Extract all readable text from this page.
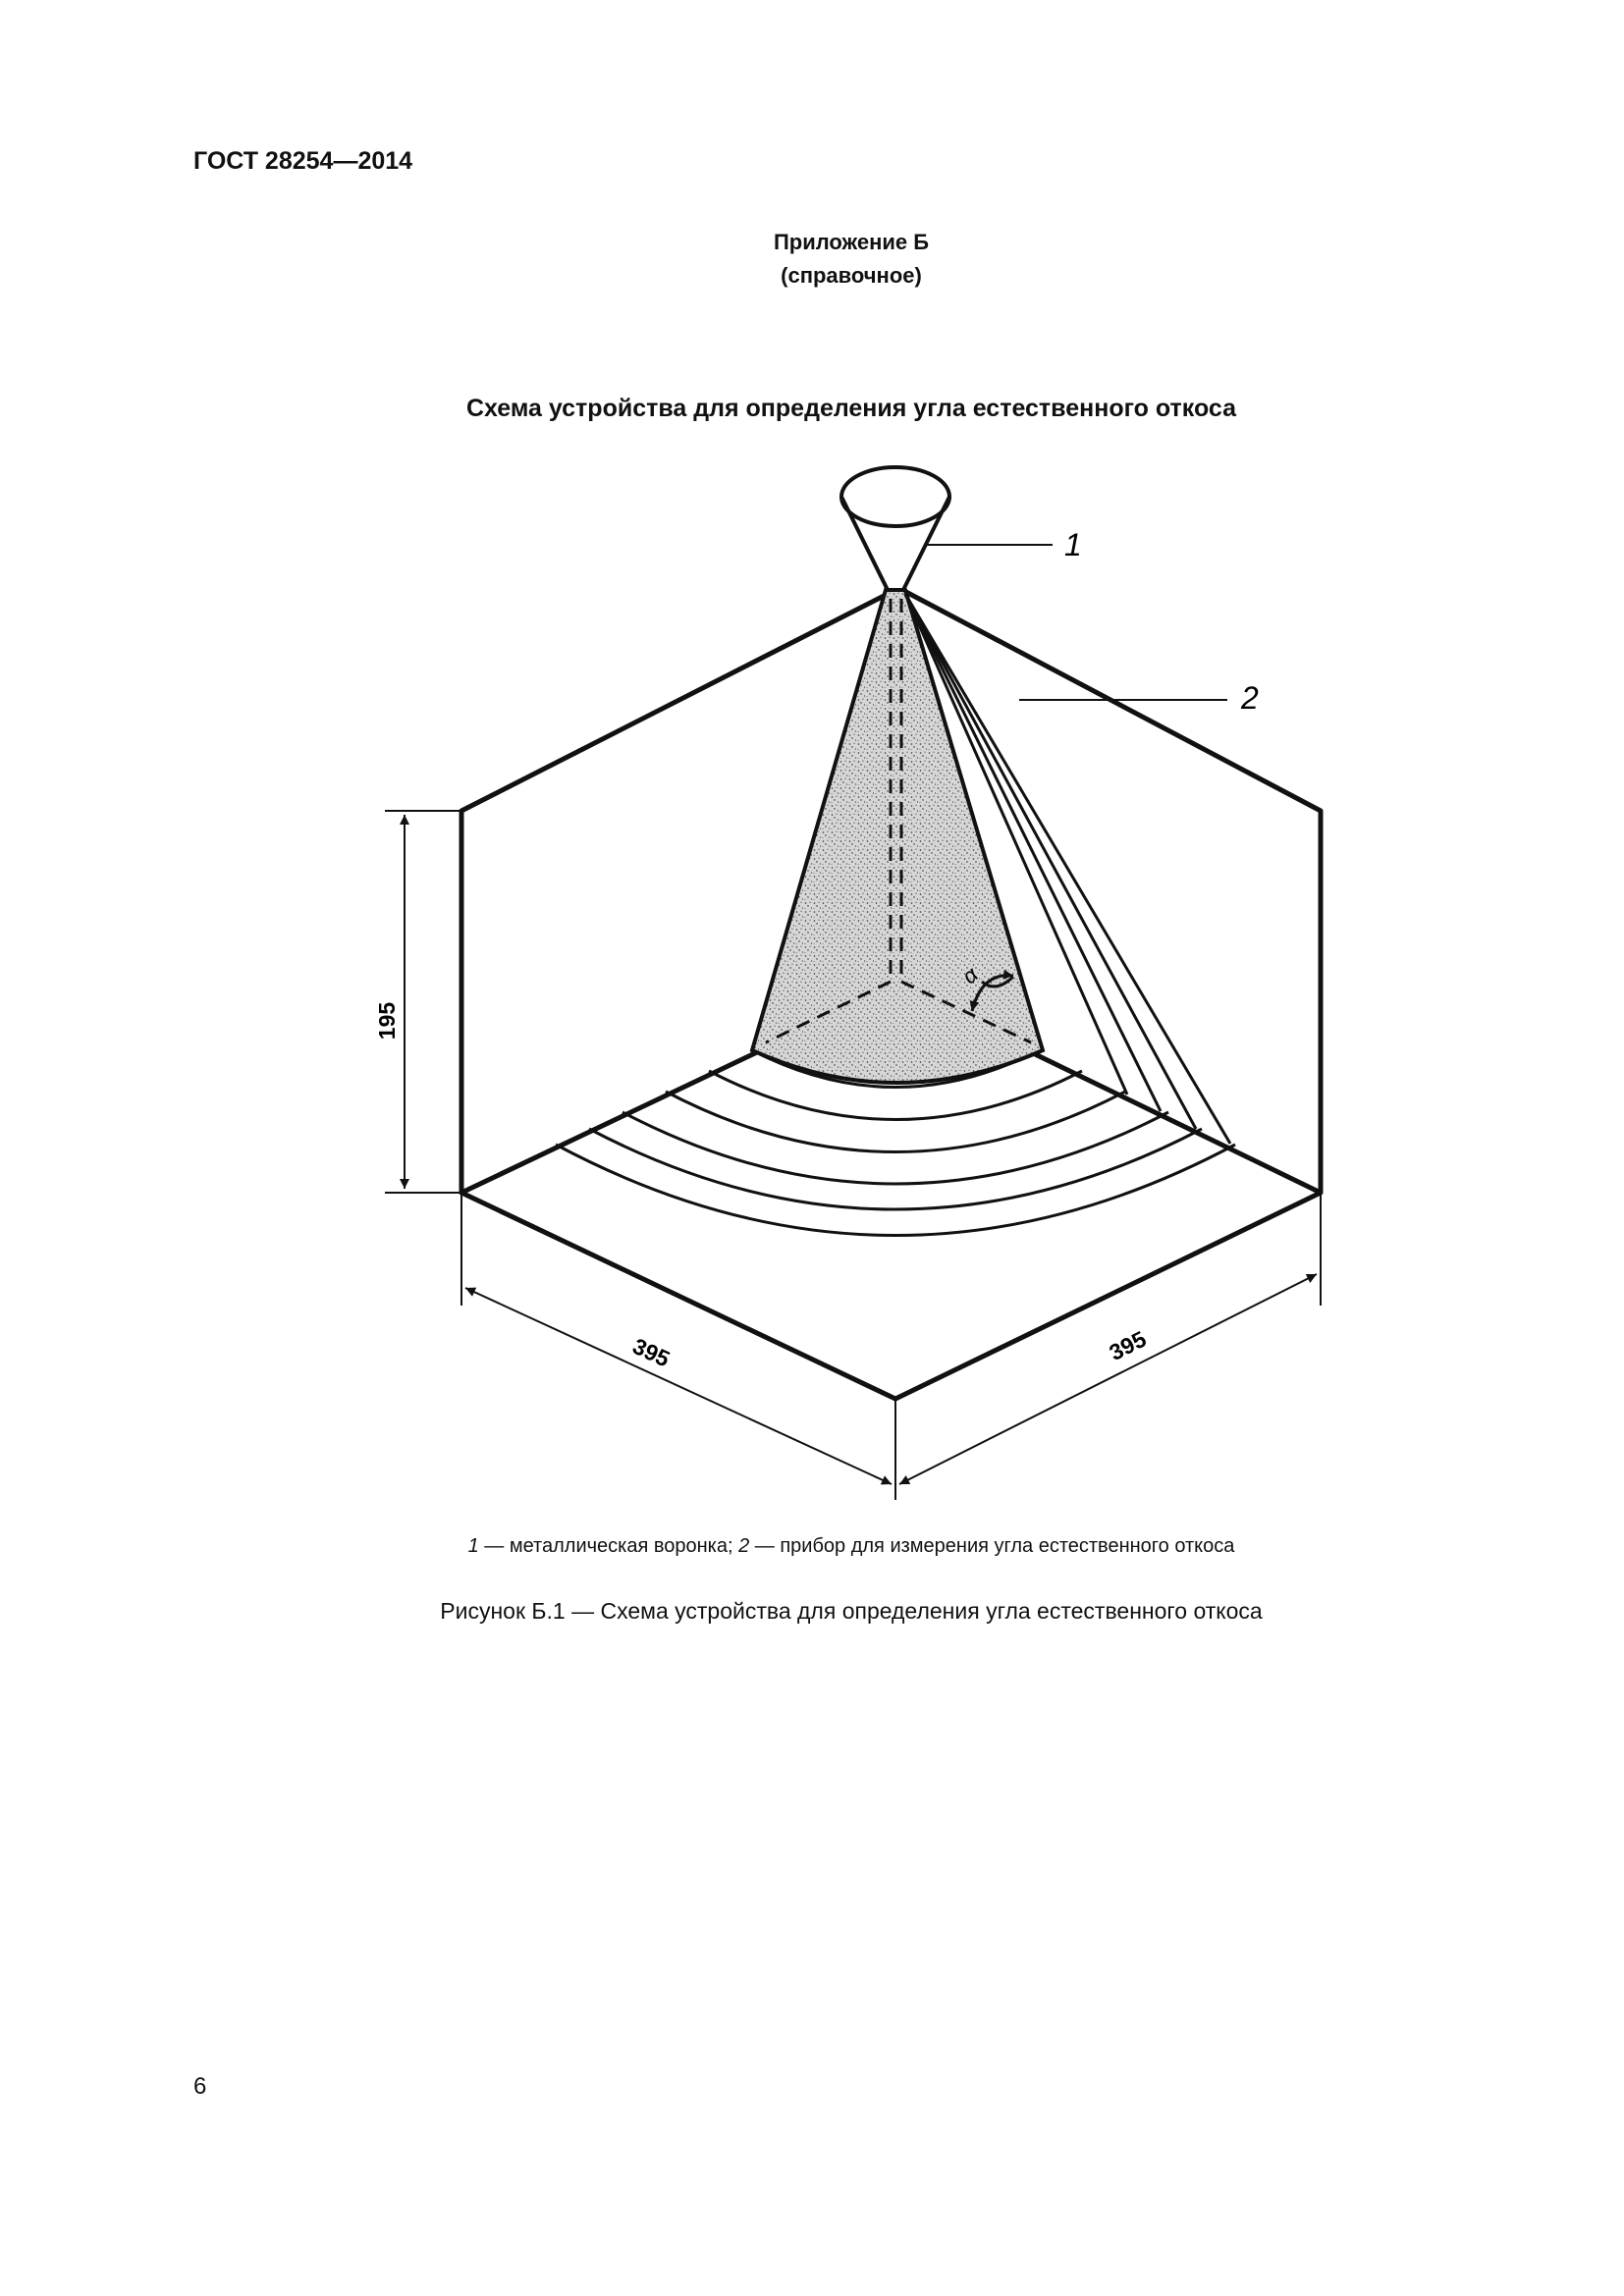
ГОСТ 28254—2014
Приложение Б
(справочное)
Схема устройства для определения угла естественного откоса
α
1
2
195
395	395
1 — металлическая воронка; 2 — прибор для измерения угла естественного откоса
Рисунок Б.1 — Схема устройства для определения угла естественного откоса
6
